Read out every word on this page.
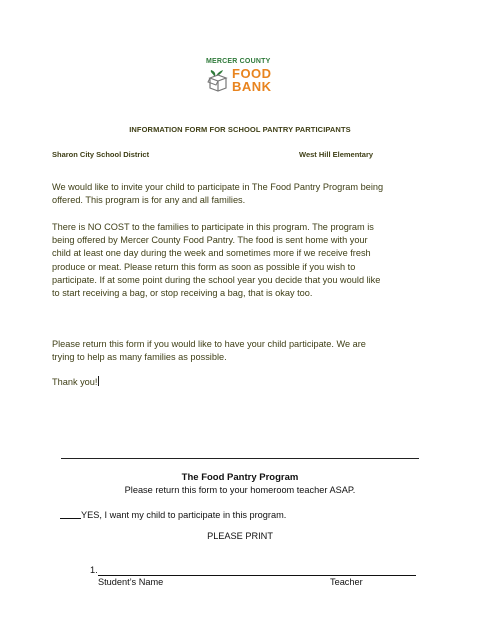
MERCER COUNTY
FOOD
BANK
INFORMATION FORM FOR SCHOOL PANTRY PARTICIPANTS
Sharon City School District	West Hill Elementary

We would like to invite your child to participate in The Food Pantry Program being
offered. This program is for any and all families.

There is NO COST to the families to participate in this program. The program is
being offered by Mercer County Food Pantry. The food is sent home with your
child at least one day during the week and sometimes more if we receive fresh
produce or meat. Please return this form as soon as possible if you wish to
participate. If at some point during the school year you decide that you would like
to start receiving a bag, or stop receiving a bag, that is okay too.

Please return this form if you would like to have your child participate. We are
trying to help as many families as possible.

Thank you!

The Food Pantry Program
Please return this form to your homeroom teacher ASAP.
YES, I want my child to participate in this program.
PLEASE PRINT
1.
Student’s Name	Teacher
